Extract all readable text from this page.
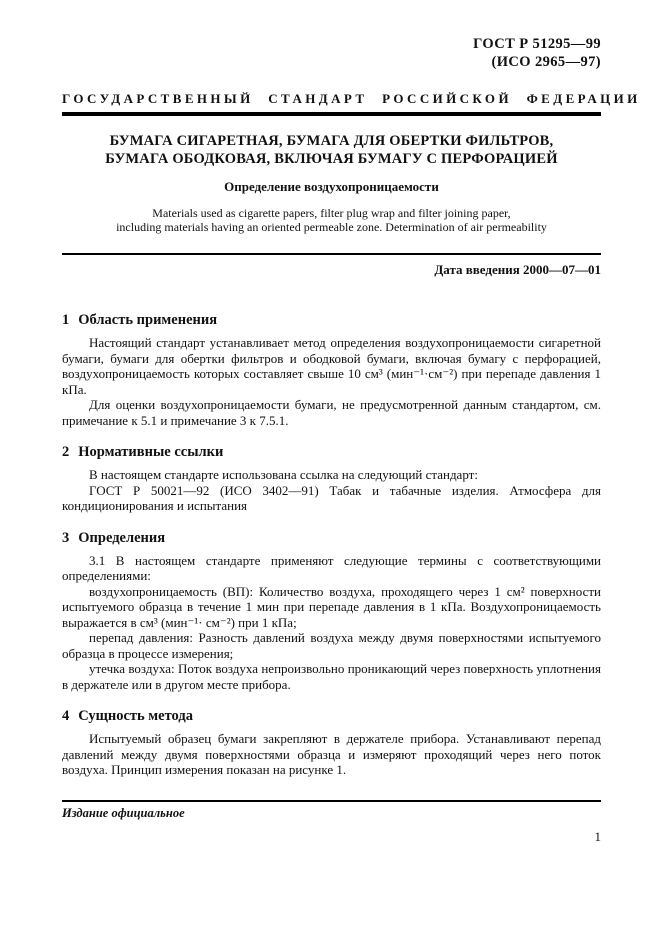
ГОСТ Р 51295—99
(ИСО 2965—97)
ГОСУДАРСТВЕННЫЙ СТАНДАРТ РОССИЙСКОЙ ФЕДЕРАЦИИ
БУМАГА СИГАРЕТНАЯ, БУМАГА ДЛЯ ОБЕРТКИ ФИЛЬТРОВ,
БУМАГА ОБОДКОВАЯ, ВКЛЮЧАЯ БУМАГУ С ПЕРФОРАЦИЕЙ
Определение воздухопроницаемости
Materials used as cigarette papers, filter plug wrap and filter joining paper,
including materials having an oriented permeable zone. Determination of air permeability
Дата введения 2000—07—01
1 Область применения

Настоящий стандарт устанавливает метод определения воздухопроницаемости сигаретной бумаги, бумаги для обертки фильтров и ободковой бумаги, включая бумагу с перфорацией, воздухопроницаемость которых составляет свыше 10 см³ (мин⁻¹·см⁻²) при перепаде давления 1 кПа.

Для оценки воздухопроницаемости бумаги, не предусмотренной данным стандартом, см. примечание к 5.1 и примечание 3 к 7.5.1.

2 Нормативные ссылки

В настоящем стандарте использована ссылка на следующий стандарт:

ГОСТ Р 50021—92 (ИСО 3402—91) Табак и табачные изделия. Атмосфера для кондиционирования и испытания

3 Определения

3.1 В настоящем стандарте применяют следующие термины с соответствующими определениями:

воздухопроницаемость (ВП): Количество воздуха, проходящего через 1 см² поверхности испытуемого образца в течение 1 мин при перепаде давления в 1 кПа. Воздухопроницаемость выражается в см³ (мин⁻¹· см⁻²) при 1 кПа;

перепад давления: Разность давлений воздуха между двумя поверхностями испытуемого образца в процессе измерения;

утечка воздуха: Поток воздуха непроизвольно проникающий через поверхность уплотнения в держателе или в другом месте прибора.

4 Сущность метода

Испытуемый образец бумаги закрепляют в держателе прибора. Устанавливают перепад давлений между двумя поверхностями образца и измеряют проходящий через него поток воздуха. Принцип измерения показан на рисунке 1.

Издание официальное
1
